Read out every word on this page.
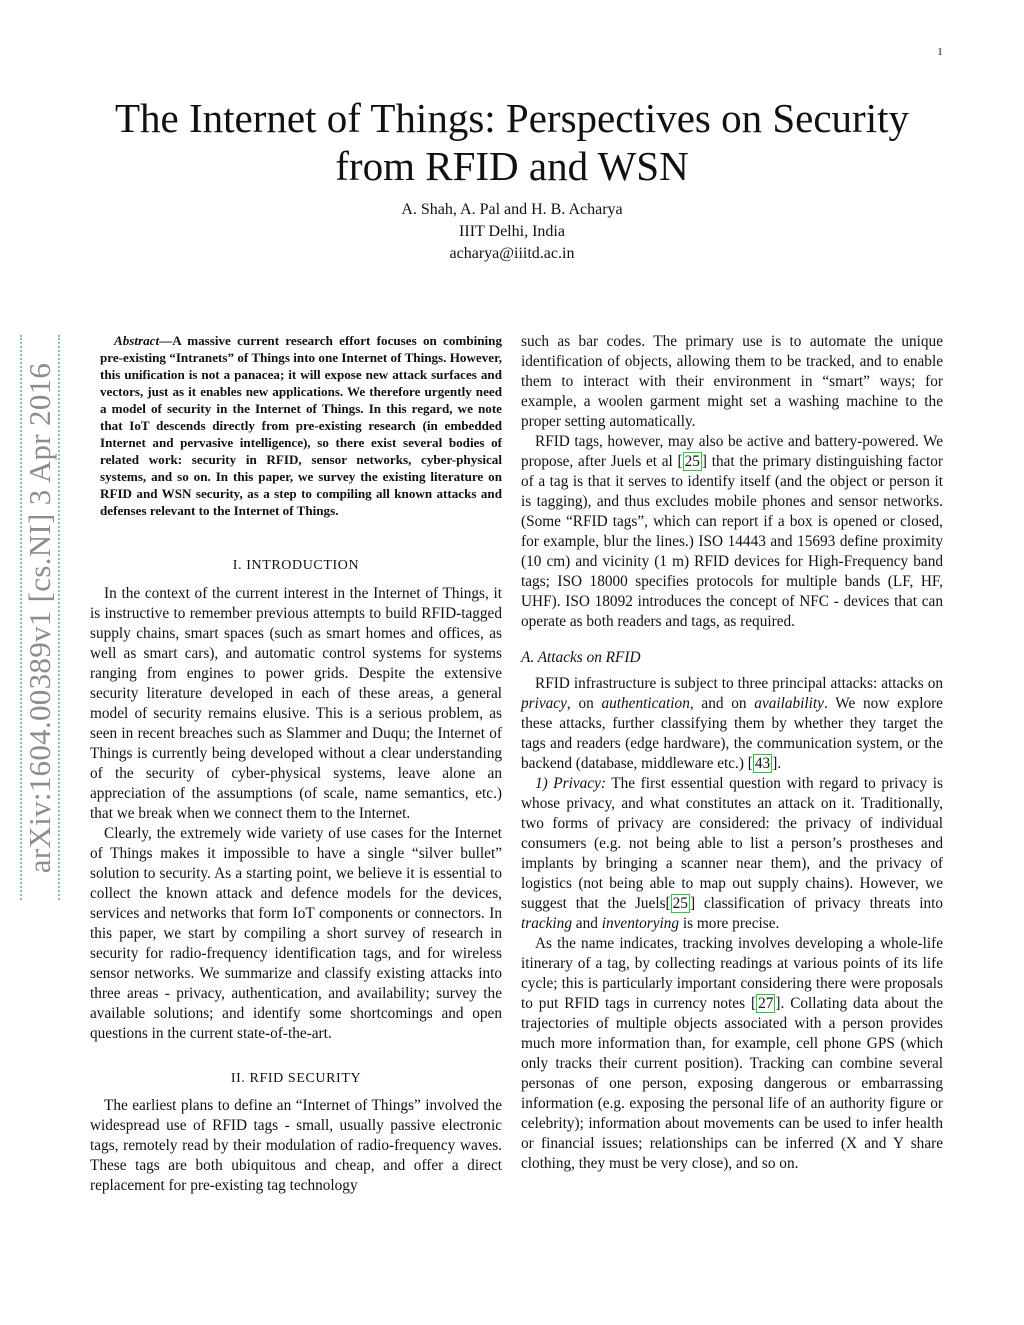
1
The Internet of Things: Perspectives on Security
from RFID and WSN
A. Shah, A. Pal and H. B. Acharya
IIIT Delhi, India
acharya@iiitd.ac.in
arXiv:1604.00389v1 [cs.NI] 3 Apr 2016

Abstract—A massive current research effort focuses on combining pre-existing “Intranets” of Things into one Internet of Things. However, this unification is not a panacea; it will expose new attack surfaces and vectors, just as it enables new applications. We therefore urgently need a model of security in the Internet of Things. In this regard, we note that IoT descends directly from pre-existing research (in embedded Internet and pervasive intelligence), so there exist several bodies of related work: security in RFID, sensor networks, cyber-physical systems, and so on. In this paper, we survey the existing literature on RFID and WSN security, as a step to compiling all known attacks and defenses relevant to the Internet of Things.

I. INTRODUCTION

In the context of the current interest in the Internet of Things, it is instructive to remember previous attempts to build RFID-tagged supply chains, smart spaces (such as smart homes and offices, as well as smart cars), and automatic control systems for systems ranging from engines to power grids. Despite the extensive security literature developed in each of these areas, a general model of security remains elusive. This is a serious problem, as seen in recent breaches such as Slammer and Duqu; the Internet of Things is currently being developed without a clear understanding of the security of cyber-physical systems, leave alone an appreciation of the assumptions (of scale, name semantics, etc.) that we break when we connect them to the Internet.

Clearly, the extremely wide variety of use cases for the Internet of Things makes it impossible to have a single “silver bullet” solution to security. As a starting point, we believe it is essential to collect the known attack and defence models for the devices, services and networks that form IoT components or connectors. In this paper, we start by compiling a short survey of research in security for radio-frequency identification tags, and for wireless sensor networks. We summarize and classify existing attacks into three areas - privacy, authentication, and availability; survey the available solutions; and identify some shortcomings and open questions in the current state-of-the-art.

II. RFID SECURITY

The earliest plans to define an “Internet of Things” involved the widespread use of RFID tags - small, usually passive electronic tags, remotely read by their modulation of radio-frequency waves. These tags are both ubiquitous and cheap, and offer a direct replacement for pre-existing tag technology

such as bar codes. The primary use is to automate the unique identification of objects, allowing them to be tracked, and to enable them to interact with their environment in “smart” ways; for example, a woolen garment might set a washing machine to the proper setting automatically.

RFID tags, however, may also be active and battery-powered. We propose, after Juels et al [ 25 ] that the primary distinguishing factor of a tag is that it serves to identify itself (and the object or person it is tagging), and thus excludes mobile phones and sensor networks. (Some “RFID tags”, which can report if a box is opened or closed, for example, blur the lines.) ISO 14443 and 15693 define proximity (10 cm) and vicinity (1 m) RFID devices for High-Frequency band tags; ISO 18000 specifies protocols for multiple bands (LF, HF, UHF). ISO 18092 introduces the concept of NFC - devices that can operate as both readers and tags, as required.

A. Attacks on RFID

RFID infrastructure is subject to three principal attacks: attacks on privacy, on authentication, and on availability. We now explore these attacks, further classifying them by whether they target the tags and readers (edge hardware), the communication system, or the backend (database, middleware etc.) [ 43 ].

1) Privacy: The first essential question with regard to privacy is whose privacy, and what constitutes an attack on it. Traditionally, two forms of privacy are considered: the privacy of individual consumers (e.g. not being able to list a person’s prostheses and implants by bringing a scanner near them), and the privacy of logistics (not being able to map out supply chains). However, we suggest that the Juels[ 25 ] classification of privacy threats into tracking and inventorying is more precise.

As the name indicates, tracking involves developing a whole-life itinerary of a tag, by collecting readings at various points of its life cycle; this is particularly important considering there were proposals to put RFID tags in currency notes [ 27 ]. Collating data about the trajectories of multiple objects associated with a person provides much more information than, for example, cell phone GPS (which only tracks their current position). Tracking can combine several personas of one person, exposing dangerous or embarrassing information (e.g. exposing the personal life of an authority figure or celebrity); information about movements can be used to infer health or financial issues; relationships can be inferred (X and Y share clothing, they must be very close), and so on.
